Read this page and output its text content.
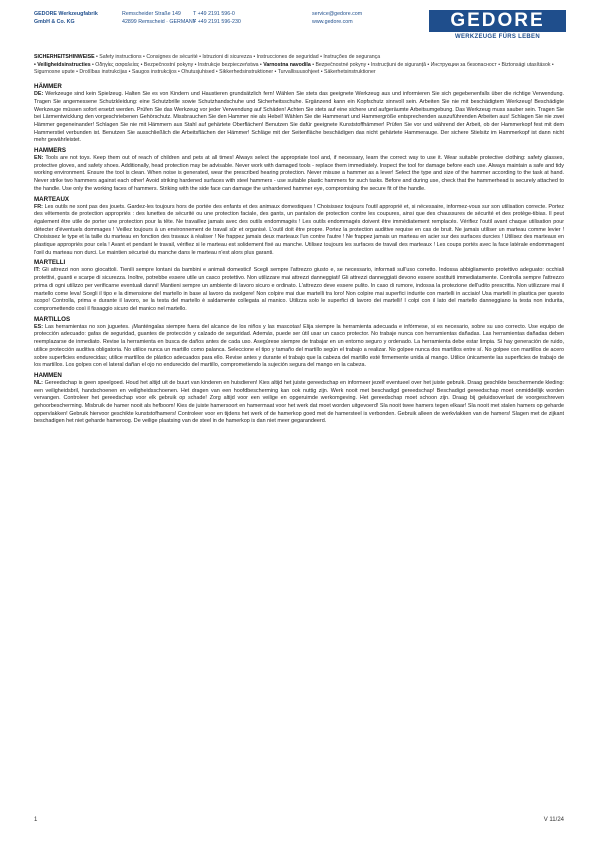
GEDORE Werkzeugfabrik
GmbH & Co. KG
Remscheider Straße 149
42899 Remscheid · GERMANY
T +49 2191 596-0
F +49 2191 596-230
service@gedore.com
www.gedore.com	GEDORE
WERKZEUGE FÜRS LEBEN
SICHERHEITSHINWEISE • Safety instructions • Consignes de sécurité • Istruzioni di sicurezza • Instrucciones de seguridad • Instruções de segurança
• Veiligheidsinstructies • Οδηγίες ασφαλείας • Bezpečnostní pokyny • Instrukcje bezpieczeństwa • Varnostna navodila • Bezpečnostné pokyny • Instrucțiuni de siguranță • Инструкции за безопасност • Biztonsági utasítások • Sigurnosne upute • Drošības instrukcijas • Saugos instrukcijos • Ohutusjuhised • Sikkerhedsinstruktioner • Turvallisuusohjeet • Säkerhetsinstruktioner
HÄMMER

DE: Werkzeuge sind kein Spielzeug. Halten Sie es von Kindern und Haustieren grundsätzlich fern! Wählen Sie stets das geeignete Werkzeug aus und informieren Sie sich gegebenenfalls über die richtige Verwendung. Tragen Sie angemessene Schutzkleidung: eine Schutzbrille sowie Schutzhandschuhe und Sicherheitsschuhe. Ergänzend kann ein Kopfschutz sinnvoll sein. Arbeiten Sie nie mit beschädigtem Werkzeug! Beschädigte Werkzeuge müssen sofort ersetzt werden. Prüfen Sie das Werkzeug vor jeder Verwendung auf Schäden! Achten Sie stets auf eine sichere und aufgeräumte Arbeitsumgebung. Das Werkzeug muss sauber sein. Tragen Sie bei Lärmentwicklung den vorgeschriebenen Gehörschutz. Missbrauchen Sie den Hammer nie als Hebel! Wählen Sie die Hammerart und Hammergröße entsprechenden auszuführenden Arbeiten aus! Schlagen Sie nie zwei Hämmer gegeneinander! Schlagen Sie nie mit Hämmern aus Stahl auf gehärtete Oberflächen! Benutzen Sie dafür geeignete Kunststoffhämmer! Prüfen Sie vor und während der Arbeit, ob der Hammerkopf fest mit dem Hammerstiel verbunden ist. Benutzen Sie ausschließlich die Arbeitsflächen der Hämmer! Schläge mit der Seitenfläche beschädigen das nicht gehärtete Hammerauge. Der sichere Stielsitz im Hammerkopf ist dann nicht mehr gewährleistet.

HAMMERS

EN: Tools are not toys. Keep them out of reach of children and pets at all times! Always select the appropriate tool and, if necessary, learn the correct way to use it. Wear suitable protective clothing: safety glasses, protective gloves, and safety shoes. Additionally, head protection may be advisable. Never work with damaged tools - replace them immediately. Inspect the tool for damage before each use. Always maintain a safe and tidy working environment. Ensure the tool is clean. When noise is generated, wear the prescribed hearing protection. Never misuse a hammer as a lever! Select the type and size of the hammer according to the task at hand. Never strike two hammers against each other! Avoid striking hardened surfaces with steel hammers - use suitable plastic hammers for such tasks. Before and during use, check that the hammerhead is securely attached to the handle. Use only the working faces of hammers. Striking with the side face can damage the unhardened hammer eye, compromising the secure fit of the handle.

MARTEAUX

FR: Les outils ne sont pas des jouets. Gardez-les toujours hors de portée des enfants et des animaux domestiques ! Choisissez toujours l'outil approprié et, si nécessaire, informez-vous sur son utilisation correcte. Portez des vêtements de protection appropriés : des lunettes de sécurité ou une protection faciale, des gants, un pantalon de protection contre les coupures, ainsi que des chaussures de sécurité et des protège-tibias. Il peut également être utile de porter une protection pour la tête. Ne travaillez jamais avec des outils endommagés ! Les outils endommagés doivent être immédiatement remplacés. Vérifiez l'outil avant chaque utilisation pour détecter d'éventuels dommages ! Veillez toujours à un environnement de travail sûr et organisé. L'outil doit être propre. Portez la protection auditive requise en cas de bruit. Ne jamais utiliser un marteau comme levier ! Choisissez le type et la taille du marteau en fonction des travaux à réaliser ! Ne frappez jamais deux marteaux l'un contre l'autre ! Ne frappez jamais un marteau en acier sur des surfaces durcies ! Utilisez des marteaux en plastique appropriés pour cela ! Avant et pendant le travail, vérifiez si le marteau est solidement fixé au manche. Utilisez toujours les surfaces de travail des marteaux ! Les coups portés avec la face latérale endommagent l'œil du marteau non durci. Le maintien sécurisé du manche dans le marteau n'est alors plus garanti.

MARTELLI

IT: Gli attrezzi non sono giocattoli. Tienili sempre lontani da bambini e animali domestici! Scegli sempre l'attrezzo giusto e, se necessario, informati sull'uso corretto. Indossa abbigliamento protettivo adeguato: occhiali protettivi, guanti e scarpe di sicurezza. Inoltre, potrebbe essere utile un casco protettivo. Non utilizzare mai attrezzi danneggiati! Gli attrezzi danneggiati devono essere sostituiti immediatamente. Controlla sempre l'attrezzo prima di ogni utilizzo per verificarne eventuali danni! Mantieni sempre un ambiente di lavoro sicuro e ordinato. L'attrezzo deve essere pulito. In caso di rumore, indossa la protezione dell'udito prescritta. Non utilizzare mai il martello come leva! Scegli il tipo e la dimensione del martello in base al lavoro da svolgere! Non colpire mai due martelli tra loro! Non colpire mai superfici indurite con martelli in acciaio! Usa martelli in plastica per questo scopo! Controlla, prima e durante il lavoro, se la testa del martello è saldamente collegata al manico. Utilizza solo le superfici di lavoro dei martelli! I colpi con il lato del martello danneggiano la testa non indurita, compromettendo così il fissaggio sicuro del manico nel martello.

MARTILLOS

ES: Las herramientas no son juguetes. ¡Manténgalas siempre fuera del alcance de los niños y las mascotas! Elija siempre la herramienta adecuada e infórmese, si es necesario, sobre su uso correcto. Use equipo de protección adecuado: gafas de seguridad, guantes de protección y calzado de seguridad. Además, puede ser útil usar un casco protector. No trabaje nunca con herramientas dañadas. Las herramientas dañadas deben reemplazarse de inmediato. Revise la herramienta en busca de daños antes de cada uso. Asegúrese siempre de trabajar en un entorno seguro y ordenado. La herramienta debe estar limpia. Si hay generación de ruido, utilice protección auditiva obligatoria. No utilice nunca un martillo como palanca. Seleccione el tipo y tamaño del martillo según el trabajo a realizar. No golpee nunca dos martillos entre sí. No golpee con martillos de acero sobre superficies endurecidas; utilice martillos de plástico adecuados para ello. Revise antes y durante el trabajo que la cabeza del martillo esté firmemente unida al mango. Utilice únicamente las superficies de trabajo de los martillos. Los golpes con el lateral dañan el ojo no endurecido del martillo, comprometiendo la sujeción segura del mango en la cabeza.

HAMMEN

NL: Gereedschap is geen speelgoed. Houd het altijd uit de buurt van kinderen en huisdieren! Kies altijd het juiste gereedschap en informeer jezelf eventueel over het juiste gebruik. Draag geschikte beschermende kleding: een veiligheidsbril, handschoenen en veiligheidsschoenen. Het dragen van een hoofdbescherming kan ook nuttig zijn. Werk nooit met beschadigd gereedschap! Beschadigd gereedschap moet onmiddellijk worden vervangen. Controleer het gereedschap voor elk gebruik op schade! Zorg altijd voor een veilige en opgeruimde werkomgeving. Het gereedschap moet schoon zijn. Draag bij geluidsoverlast de voorgeschreven gehoorbescherming. Misbruik de hamer nooit als hefboom! Kies de juiste hamersoort en hamermaat voor het werk dat moet worden uitgevoerd! Sla nooit twee hamers tegen elkaar! Sla nooit met stalen hamers op geharde oppervlakken! Gebruik hiervoor geschikte kunststofhamers! Controleer voor en tijdens het werk of de hamerkop goed met de hamersteel is verbonden. Gebruik alleen de werkvlakken van de hamers! Slagen met de zijkant beschadigen het niet geharde hameroog. De veilige plaatsing van de steel in de hamerkop is dan niet meer gegarandeerd.

1	V 11/24
